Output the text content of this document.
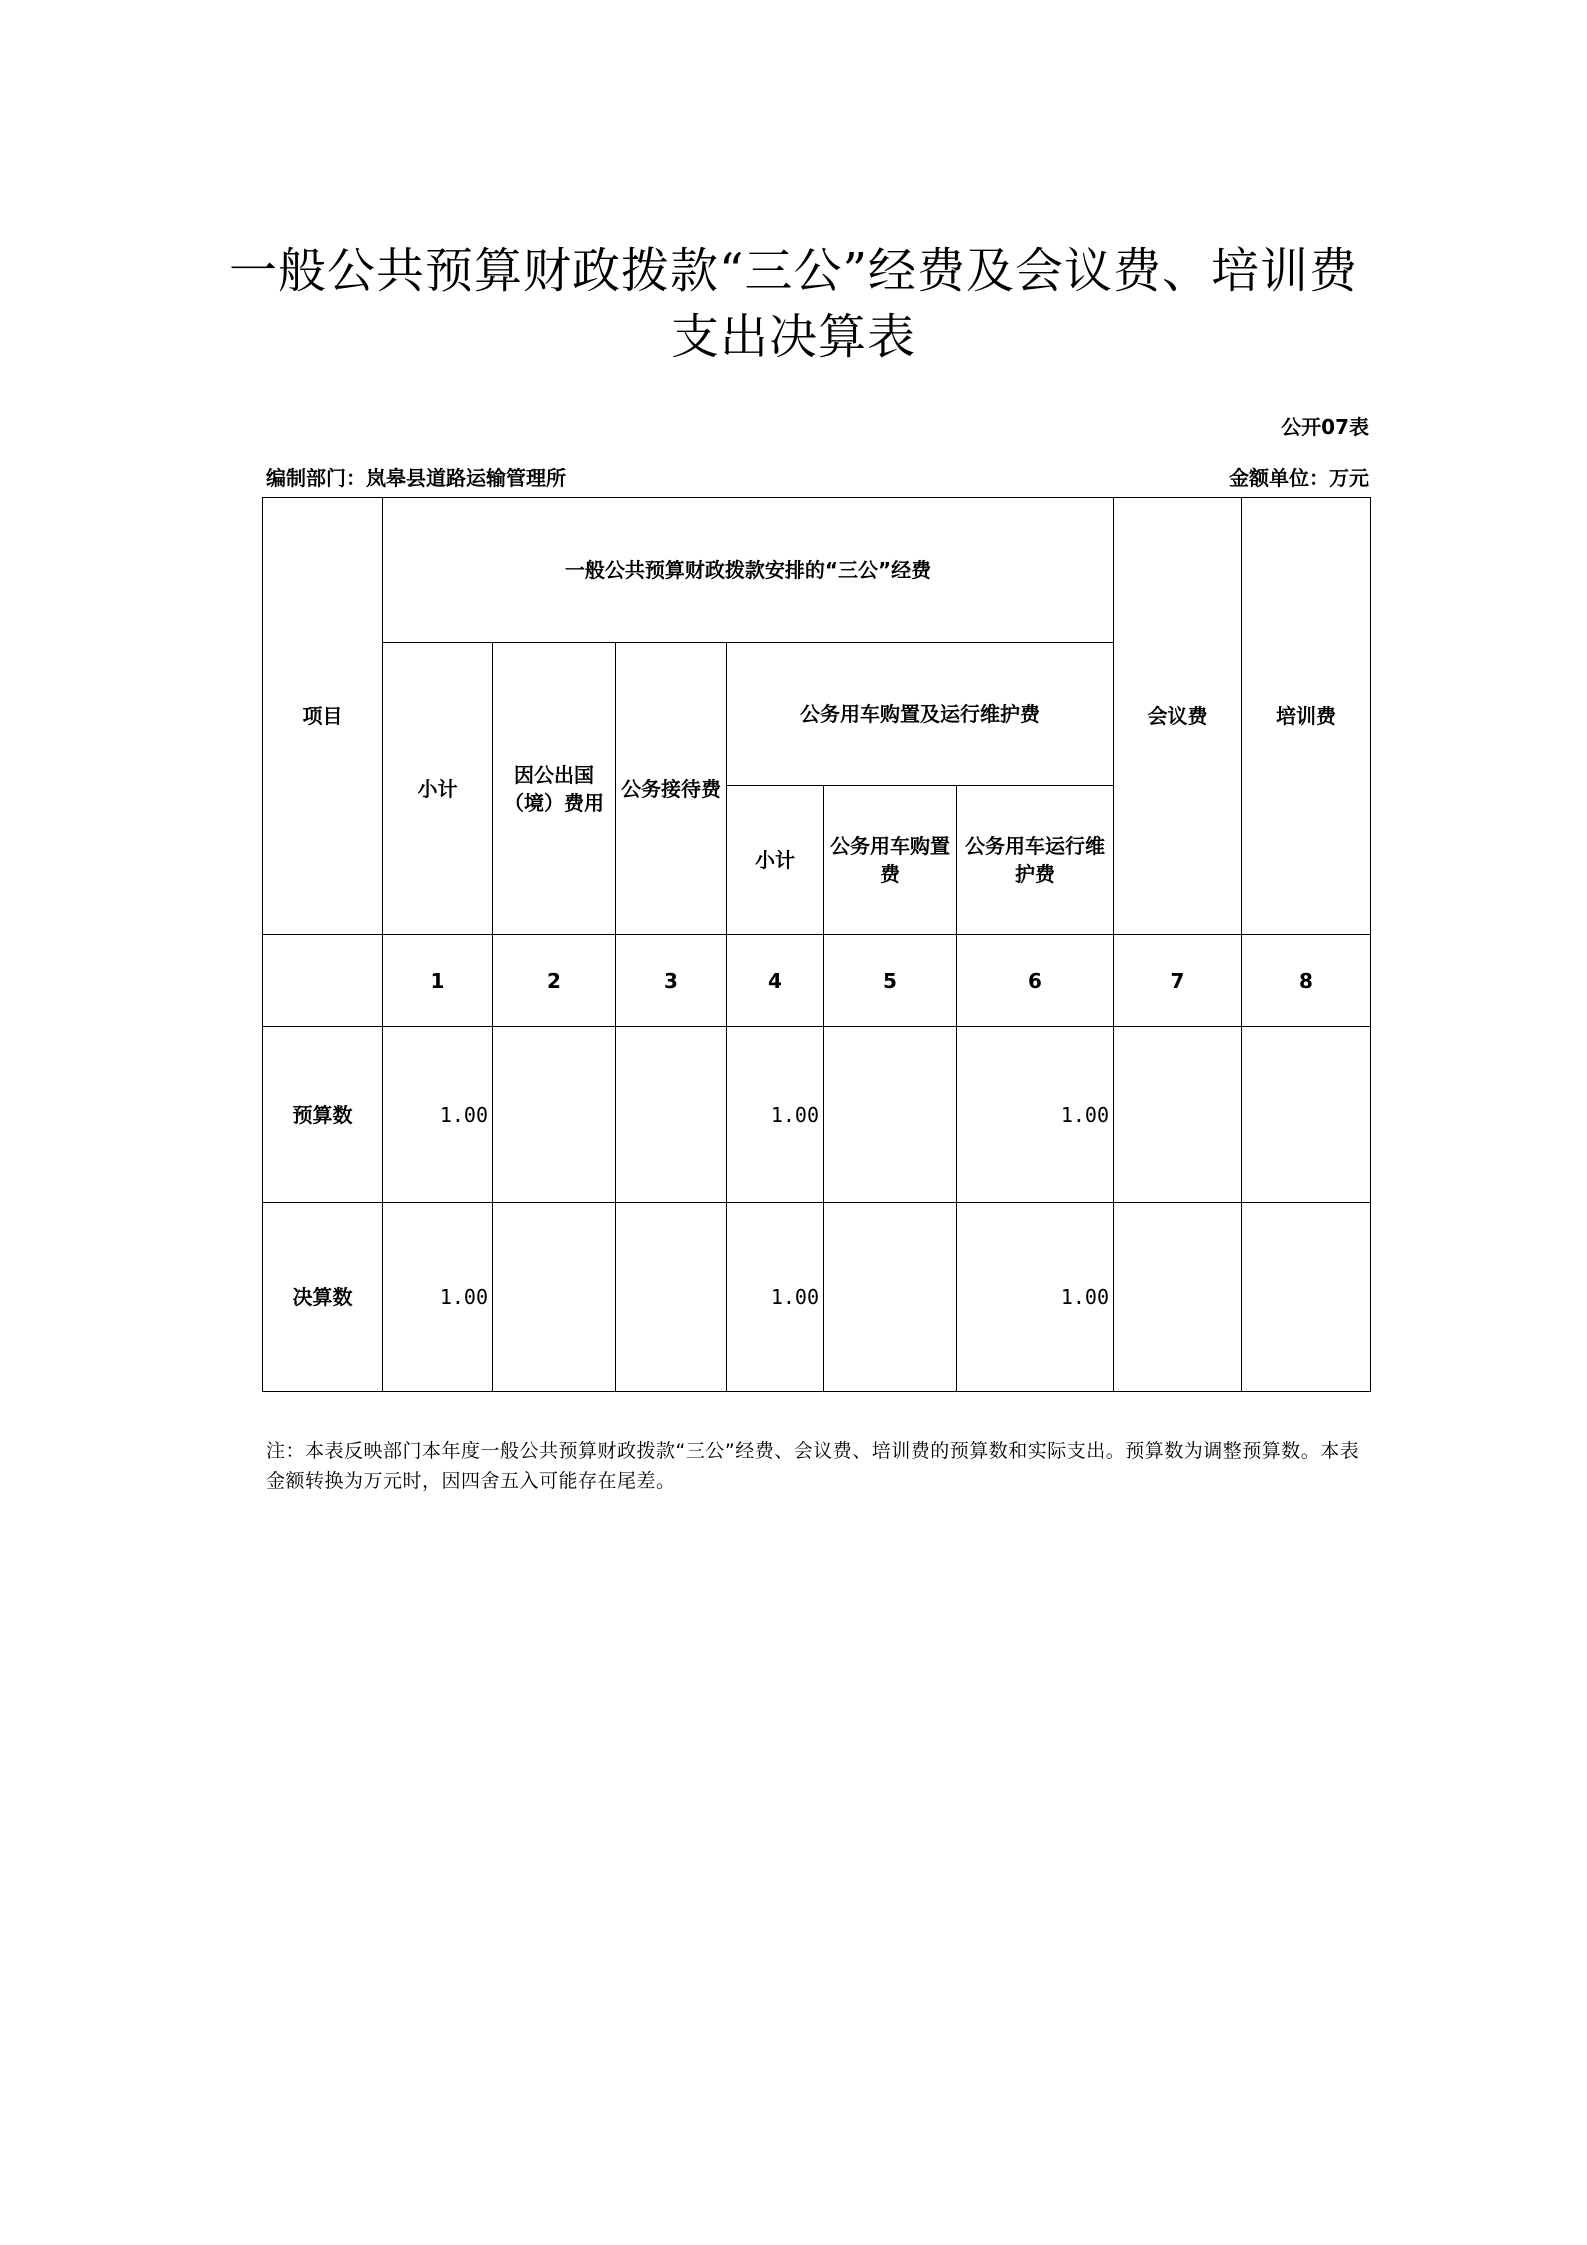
一般公共预算财政拨款“三公”经费及会议费、培训费
支出决算表
公开07表
编制部门：岚皋县道路运输管理所	金额单位：万元
项目	一般公共预算财政拨款安排的“三公”经费						会议费	培训费
	小计	因公出国（境）费用	公务接待费	公务用车购置及运行维护费				
				小计	公务用车购置费	公务用车运行维护费		
	1	2	3	4	5	6	7	8
预算数	1.00			1.00		1.00		
决算数	1.00			1.00		1.00		
注：本表反映部门本年度一般公共预算财政拨款“三公”经费、会议费、培训费的预算数和实际支出。预算数为调整预算数。本表金额转换为万元时，因四舍五入可能存在尾差。
